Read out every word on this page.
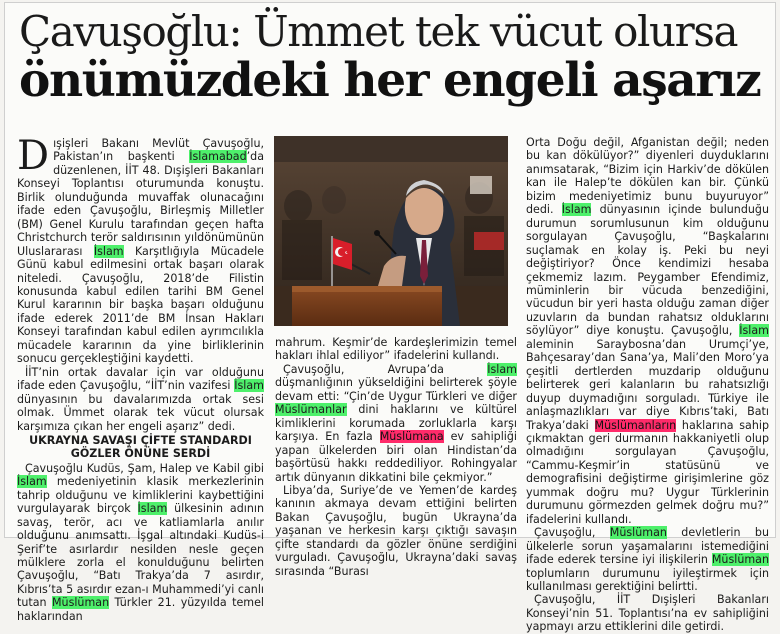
Çavuşoğlu: Ümmet tek vücut olursa
önümüzdeki her engeli aşarız

Dışişleri Bakanı Mevlüt Çavuşoğlu, Pakistan’ın başkenti İslamabad’da düzenlenen, İİT 48. Dışişleri Bakanları Konseyi Toplantısı oturumunda konuştu. Birlik olunduğunda muvaffak olunacağını ifade eden Çavuşoğlu, Birleşmiş Milletler (BM) Genel Kurulu tarafından geçen hafta Christchurch terör saldırısının yıldönümünün Uluslararası İslam Karşıtlığıyla Mücadele Günü kabul edilmesini ortak başarı olarak niteledi. Çavuşoğlu, 2018’de Filistin konusunda kabul edilen tarihi BM Genel Kurul kararının bir başka başarı olduğunu ifade ederek 2011’de BM İnsan Hakları Konseyi tarafından kabul edilen ayrımcılıkla mücadele kararının da yine birliklerinin sonucu gerçekleştiğini kaydetti.

İİT’nin ortak davalar için var olduğunu ifade eden Çavuşoğlu, “İİT’nin vazifesi İslam dünyasının bu davalarımızda ortak sesi olmak. Ümmet olarak tek vücut olursak karşımıza çıkan her engeli aşarız” dedi.

UKRAYNA SAVAŞI ÇİFTE STANDARDI GÖZLER ÖNÜNE SERDİ

Çavuşoğlu Kudüs, Şam, Halep ve Kabil gibi İslam medeniyetinin klasik merkezlerinin tahrip olduğunu ve kimliklerini kaybettiğini vurgulayarak birçok İslam ülkesinin adının savaş, terör, acı ve katliamlarla anılır olduğunu anımsattı. İşgal altındaki Kudüs-i Şerif’te asırlardır nesilden nesle geçen mülklere zorla el konulduğunu belirten Çavuşoğlu, “Batı Trakya’da 7 asırdır, Kıbrıs’ta 5 asırdır ezan-ı Muhammedi’yi canlı tutan Müslüman Türkler 21. yüzyılda temel haklarından

mahrum. Keşmir’de kardeşlerimizin temel hakları ihlal ediliyor” ifadelerini kullandı.

Çavuşoğlu, Avrupa’da İslam düşmanlığının yükseldiğini belirterek şöyle devam etti: “Çin’de Uygur Türkleri ve diğer Müslümanlar dini haklarını ve kültürel kimliklerini korumada zorluklarla karşı karşıya. En fazla Müslümana ev sahipliği yapan ülkelerden biri olan Hindistan’da başörtüsü hakkı reddediliyor. Rohingyalar artık dünyanın dikkatini bile çekmiyor.”

Libya’da, Suriye’de ve Yemen’de kardeş kanının akmaya devam ettiğini belirten Bakan Çavuşoğlu, bugün Ukrayna’da yaşanan ve herkesin karşı çıktığı savaşın çifte standardı da gözler önüne serdiğini vurguladı. Çavuşoğlu, Ukrayna’daki savaş sırasında “Burası

Orta Doğu değil, Afganistan değil; neden bu kan dökülüyor?” diyenleri duyduklarını anımsatarak, “Bizim için Harkiv’de dökülen kan ile Halep’te dökülen kan bir. Çünkü bizim medeniyetimiz bunu buyuruyor” dedi. İslam dünyasının içinde bulunduğu durumun sorumlusunun kim olduğunu sorgulayan Çavuşoğlu, “Başkalarını suçlamak en kolay iş. Peki bu neyi değiştiriyor? Önce kendimizi hesaba çekmemiz lazım. Peygamber Efendimiz, müminlerin bir vücuda benzediğini, vücudun bir yeri hasta olduğu zaman diğer uzuvların da bundan rahatsız olduklarını söylüyor” diye konuştu. Çavuşoğlu, İslam aleminin Saraybosna’dan Urumçi’ye, Bahçesaray’dan Sana’ya, Mali’den Moro’ya çeşitli dertlerden muzdarip olduğunu belirterek geri kalanların bu rahatsızlığı duyup duymadığını sorguladı. Türkiye ile anlaşmazlıkları var diye Kıbrıs’taki, Batı Trakya’daki Müslümanların haklarına sahip çıkmaktan geri durmanın hakkaniyetli olup olmadığını sorgulayan Çavuşoğlu, “Cammu-Keşmir’in statüsünü ve demografisini değiştirme girişimlerine göz yummak doğru mu? Uygur Türklerinin durumunu görmezden gelmek doğru mu?” ifadelerini kullandı.

Çavuşoğlu, Müslüman devletlerin bu ülkelerle sorun yaşamalarını istemediğini ifade ederek tersine iyi ilişkilerin Müslüman toplumların durumunu iyileştirmek için kullanılması gerektiğini belirtti.

Çavuşoğlu, İİT Dışişleri Bakanları Konseyi’nin 51. Toplantısı’na ev sahipliğini yapmayı arzu ettiklerini dile getirdi.
